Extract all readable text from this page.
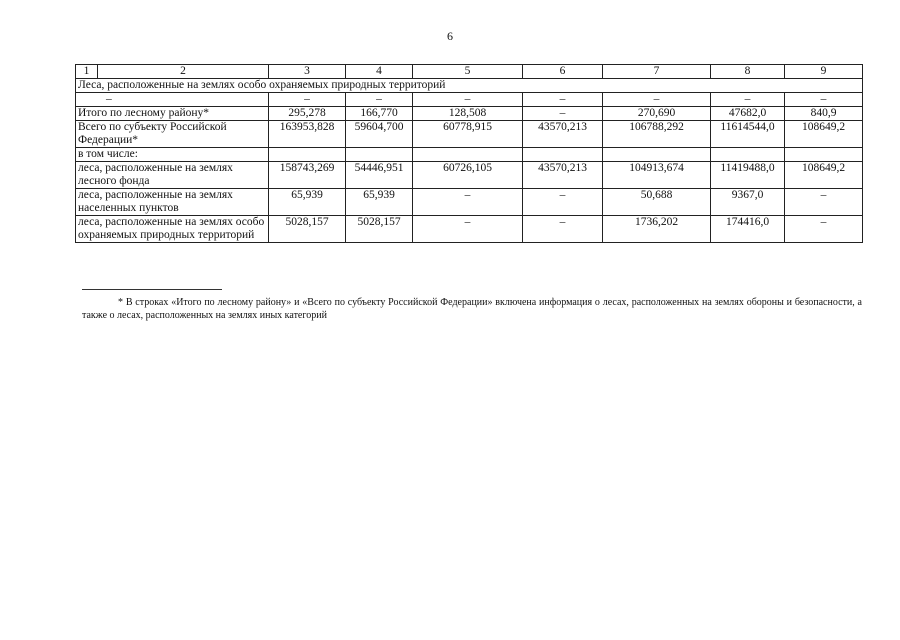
6
1	2	3	4	5	6	7	8	9
Леса, расположенные на землях особо охраняемых природных территорий								
–		–	–	–	–	–	–	–
Итого по лесному району*		295,278	166,770	128,508	–	270,690	47682,0	840,9
Всего по субъекту Российской Федерации*		163953,828	59604,700	60778,915	43570,213	106788,292	11614544,0	108649,2
в том числе:								
леса, расположенные на землях лесного фонда		158743,269	54446,951	60726,105	43570,213	104913,674	11419488,0	108649,2
леса, расположенные на землях населенных пунктов		65,939	65,939	–	–	50,688	9367,0	–
леса, расположенные на землях особо охраняемых природных территорий		5028,157	5028,157	–	–	1736,202	174416,0	–
* В строках «Итого по лесному району» и «Всего по субъекту Российской Федерации» включена информация о лесах, расположенных на землях обороны и безопасности, а также о лесах, расположенных на землях иных категорий
